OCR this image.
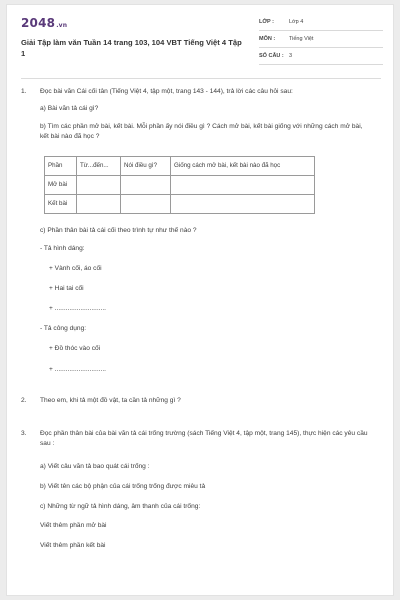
2048.vn
Giải Tập làm văn Tuần 14 trang 103, 104 VBT Tiếng Việt 4 Tập 1
LỚP :	Lớp 4
MÔN :	Tiếng Việt
SỐ CÂU : 3
1. Đọc bài văn Cái cối tân (Tiếng Việt 4, tập một, trang 143 - 144), trả lời các câu hỏi sau:
a) Bài văn tả cái gì?
b) Tìm các phần mở bài, kết bài. Mỗi phần ấy nói điều gì ? Cách mở bài, kết bài giống với những cách mở bài, kết bài nào đã học ?
Phần	Từ...đến...	Nói điều gì?	Giống cách mở bài, kết bài nào đã học
Mở bài			
Kết bài			
c) Phần thân bài tả cái cối theo trình tự như thế nào ?
- Tả hình dáng:
+ Vành cối, áo cối
+ Hai tai cối
+ ............................
- Tả công dụng:
+ Đồ thóc vào cối
+ ............................
2. Theo em, khi tả một đồ vật, ta cần tả những gì ?
3. Đọc phần thân bài của bài văn tả cái trống trường (sách Tiếng Việt 4, tập một, trang 145), thực hiện các yêu cầu sau :
a) Viết câu văn tả bao quát cái trống :
b) Viết tên các bộ phận của cái trống trống được miêu tả
c) Những từ ngữ tả hình dáng, âm thanh của cái trống:
Viết thêm phần mở bài
Viết thêm phần kết bài
